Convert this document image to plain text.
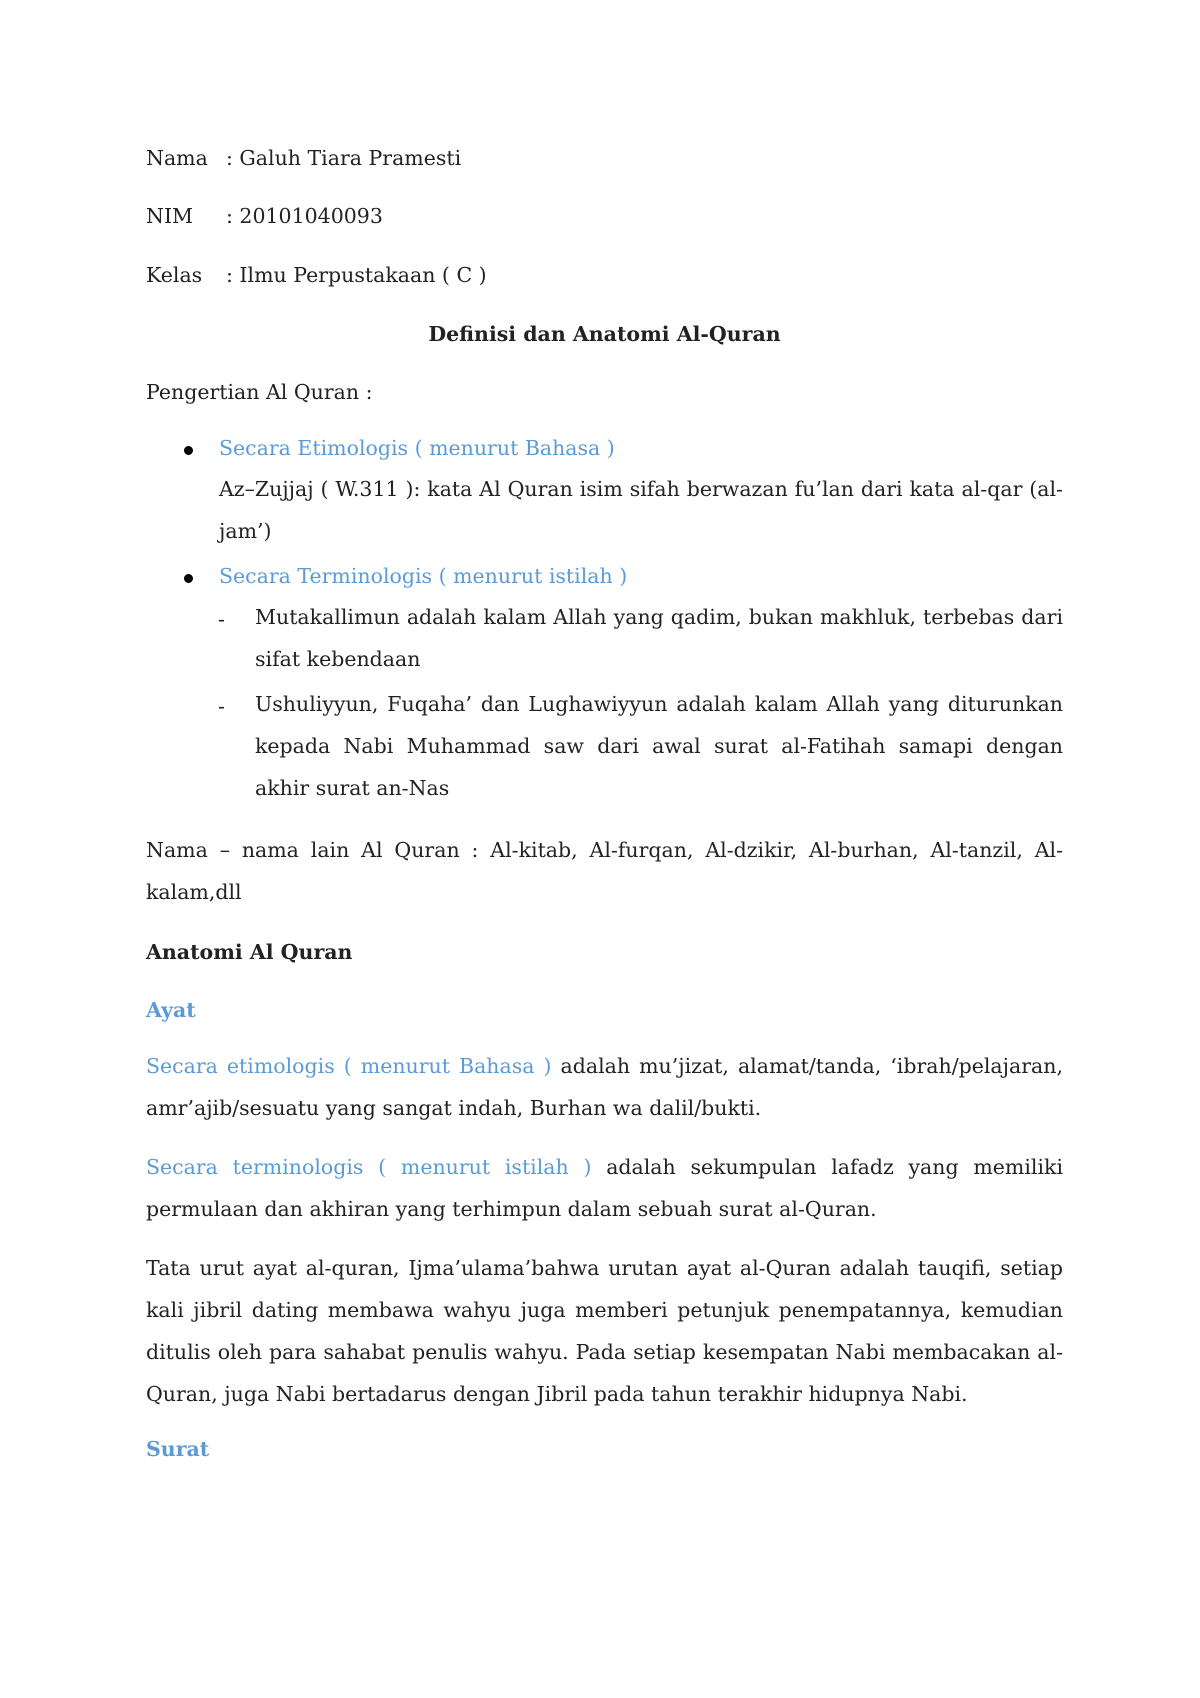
Nama : Galuh Tiara Pramesti
NIM : 20101040093
Kelas : Ilmu Perpustakaan ( C )
Definisi dan Anatomi Al-Quran
Pengertian Al Quran :
Secara Etimologis ( menurut Bahasa )
Az–Zujjaj ( W.311 ): kata Al Quran isim sifah berwazan fu’lan dari kata al-qar (al-jam’)
Secara Terminologis ( menurut istilah )
- Mutakallimun adalah kalam Allah yang qadim, bukan makhluk, terbebas dari sifat kebendaan
- Ushuliyyun, Fuqaha’ dan Lughawiyyun adalah kalam Allah yang diturunkan kepada Nabi Muhammad saw dari awal surat al-Fatihah samapi dengan akhir surat an-Nas
Nama – nama lain Al Quran : Al-kitab, Al-furqan, Al-dzikir, Al-burhan, Al-tanzil, Al-kalam,dll
Anatomi Al Quran
Ayat
Secara etimologis ( menurut Bahasa ) adalah mu’jizat, alamat/tanda, ‘ibrah/pelajaran, amr’ajib/sesuatu yang sangat indah, Burhan wa dalil/bukti.
Secara terminologis ( menurut istilah ) adalah sekumpulan lafadz yang memiliki permulaan dan akhiran yang terhimpun dalam sebuah surat al-Quran.
Tata urut ayat al-quran, Ijma’ulama’bahwa urutan ayat al-Quran adalah tauqifi, setiap kali jibril dating membawa wahyu juga memberi petunjuk penempatannya, kemudian ditulis oleh para sahabat penulis wahyu. Pada setiap kesempatan Nabi membacakan al-Quran, juga Nabi bertadarus dengan Jibril pada tahun terakhir hidupnya Nabi.
Surat
